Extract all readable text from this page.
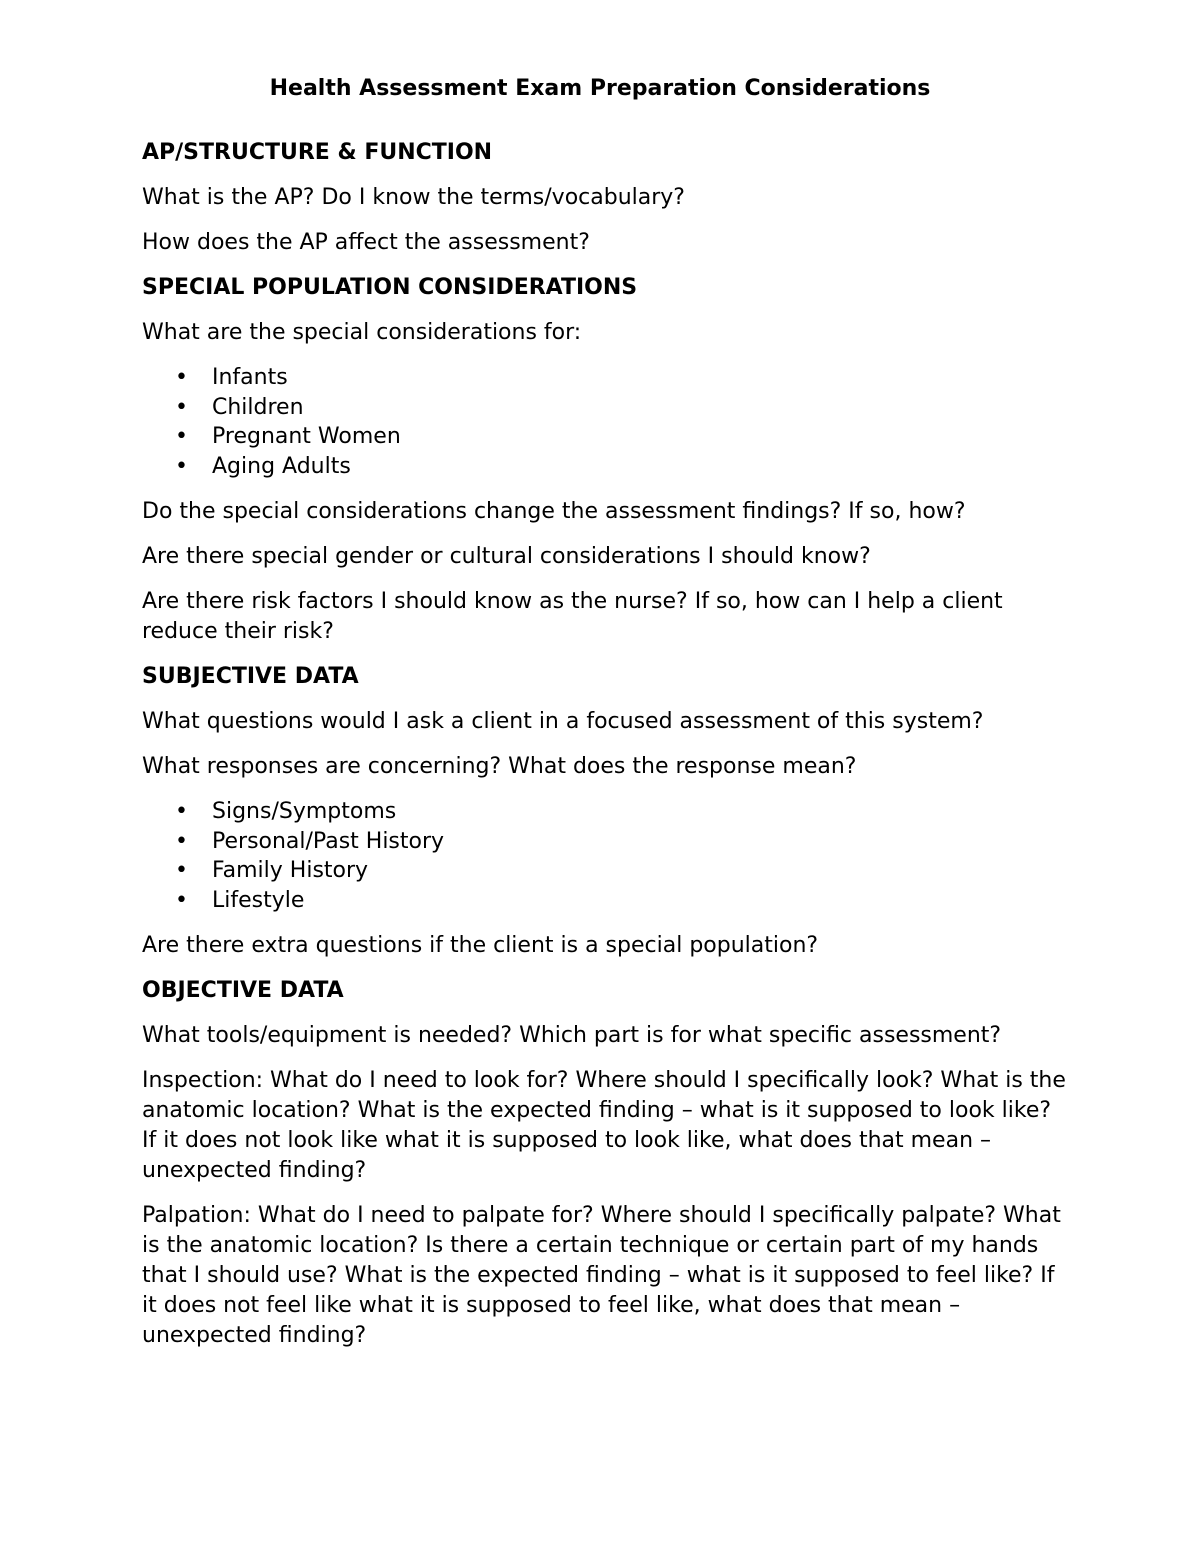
Health Assessment Exam Preparation Considerations
AP/STRUCTURE & FUNCTION

What is the AP? Do I know the terms/vocabulary?

How does the AP affect the assessment?

SPECIAL POPULATION CONSIDERATIONS

What are the special considerations for:

• Infants
• Children
• Pregnant Women
• Aging Adults

Do the special considerations change the assessment findings? If so, how?

Are there special gender or cultural considerations I should know?

Are there risk factors I should know as the nurse? If so, how can I help a client reduce their risk?

SUBJECTIVE DATA

What questions would I ask a client in a focused assessment of this system?

What responses are concerning? What does the response mean?

• Signs/Symptoms
• Personal/Past History
• Family History
• Lifestyle

Are there extra questions if the client is a special population?

OBJECTIVE DATA

What tools/equipment is needed? Which part is for what specific assessment?

Inspection: What do I need to look for? Where should I specifically look? What is the anatomic location? What is the expected finding – what is it supposed to look like? If it does not look like what it is supposed to look like, what does that mean – unexpected finding?

Palpation: What do I need to palpate for? Where should I specifically palpate? What is the anatomic location? Is there a certain technique or certain part of my hands that I should use? What is the expected finding – what is it supposed to feel like? If it does not feel like what it is supposed to feel like, what does that mean – unexpected finding?
